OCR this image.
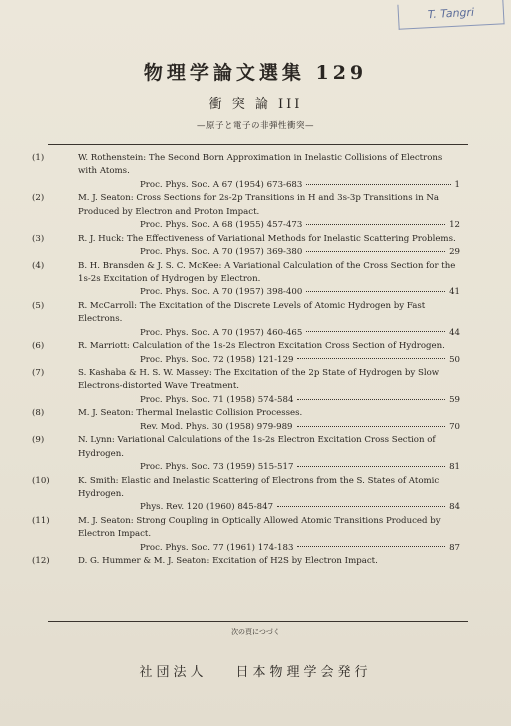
T. Tangri
物理学論文選集 129
衝 突 論 III
—原子と電子の非弾性衝突—
(1)	W. Rothenstein: The Second Born Approximation in Inelastic Collisions of Electrons with Atoms.
Proc. Phys. Soc. A 67 (1954) 673-683	1
(2)	M. J. Seaton: Cross Sections for 2s-2p Transitions in H and 3s-3p Transitions in Na Produced by Electron and Proton Impact.
Proc. Phys. Soc. A 68 (1955) 457-473	12
(3)	R. J. Huck: The Effectiveness of Variational Methods for Inelastic Scattering Problems.
Proc. Phys. Soc. A 70 (1957) 369-380	29
(4)	B. H. Bransden & J. S. C. McKee: A Variational Calculation of the Cross Section for the 1s-2s Excitation of Hydrogen by Electron.
Proc. Phys. Soc. A 70 (1957) 398-400	41
(5)	R. McCarroll: The Excitation of the Discrete Levels of Atomic Hydrogen by Fast Electrons.
Proc. Phys. Soc. A 70 (1957) 460-465	44
(6)	R. Marriott: Calculation of the 1s-2s Electron Excitation Cross Section of Hydrogen.
Proc. Phys. Soc. 72 (1958) 121-129	50
(7)	S. Kashaba & H. S. W. Massey: The Excitation of the 2p State of Hydrogen by Slow Electrons-distorted Wave Treatment.
Proc. Phys. Soc. 71 (1958) 574-584	59
(8)	M. J. Seaton: Thermal Inelastic Collision Processes.
Rev. Mod. Phys. 30 (1958) 979-989	70
(9)	N. Lynn: Variational Calculations of the 1s-2s Electron Excitation Cross Section of Hydrogen.
Proc. Phys. Soc. 73 (1959) 515-517	81
(10)	K. Smith: Elastic and Inelastic Scattering of Electrons from the S. States of Atomic Hydrogen.
Phys. Rev. 120 (1960) 845-847	84
(11)	M. J. Seaton: Strong Coupling in Optically Allowed Atomic Transitions Produced by Electron Impact.
Proc. Phys. Soc. 77 (1961) 174-183	87
(12)	D. G. Hummer & M. J. Seaton: Excitation of H2S by Electron Impact.
次の頁につづく
社団法人 日本物理学会発行
